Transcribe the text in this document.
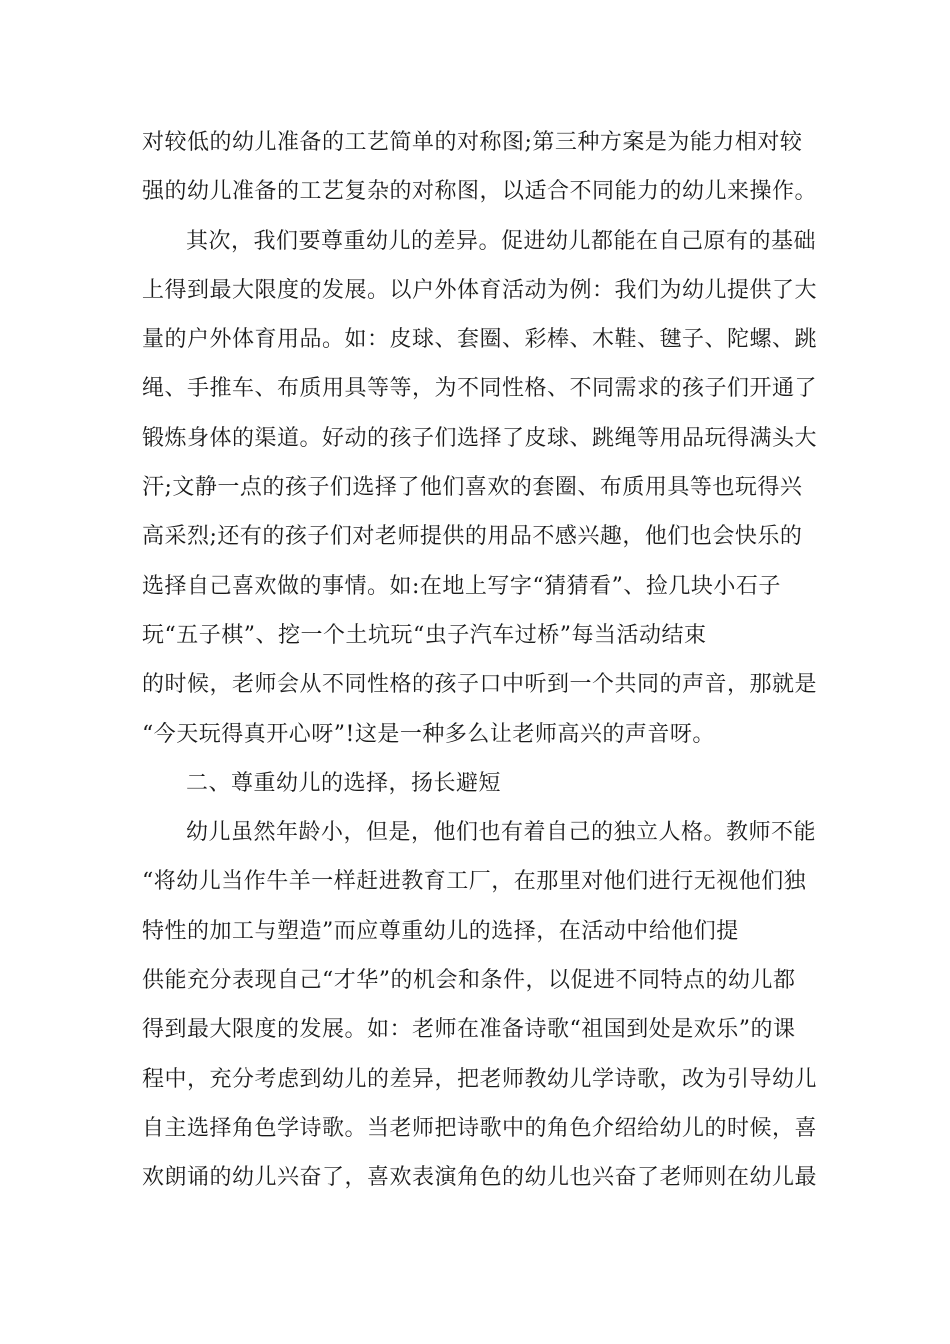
对较低的幼儿准备的工艺简单的对称图;第三种方案是为能力相对较
强的幼儿准备的工艺复杂的对称图，以适合不同能力的幼儿来操作。
其次，我们要尊重幼儿的差异。促进幼儿都能在自己原有的基础
上得到最大限度的发展。以户外体育活动为例：我们为幼儿提供了大
量的户外体育用品。如：皮球、套圈、彩棒、木鞋、毽子、陀螺、跳
绳、手推车、布质用具等等，为不同性格、不同需求的孩子们开通了
锻炼身体的渠道。好动的孩子们选择了皮球、跳绳等用品玩得满头大
汗;文静一点的孩子们选择了他们喜欢的套圈、布质用具等也玩得兴
高采烈;还有的孩子们对老师提供的用品不感兴趣，他们也会快乐的
选择自己喜欢做的事情。如:在地上写字“猜猜看”、捡几块小石子
玩“五子棋”、挖一个土坑玩“虫子汽车过桥”每当活动结束
的时候，老师会从不同性格的孩子口中听到一个共同的声音，那就是
“今天玩得真开心呀”!这是一种多么让老师高兴的声音呀。
二、尊重幼儿的选择，扬长避短
幼儿虽然年龄小，但是，他们也有着自己的独立人格。教师不能
“将幼儿当作牛羊一样赶进教育工厂，在那里对他们进行无视他们独
特性的加工与塑造”而应尊重幼儿的选择，在活动中给他们提
供能充分表现自己“才华”的机会和条件，以促进不同特点的幼儿都
得到最大限度的发展。如：老师在准备诗歌“祖国到处是欢乐”的课
程中，充分考虑到幼儿的差异，把老师教幼儿学诗歌，改为引导幼儿
自主选择角色学诗歌。当老师把诗歌中的角色介绍给幼儿的时候，喜
欢朗诵的幼儿兴奋了，喜欢表演角色的幼儿也兴奋了老师则在幼儿最
